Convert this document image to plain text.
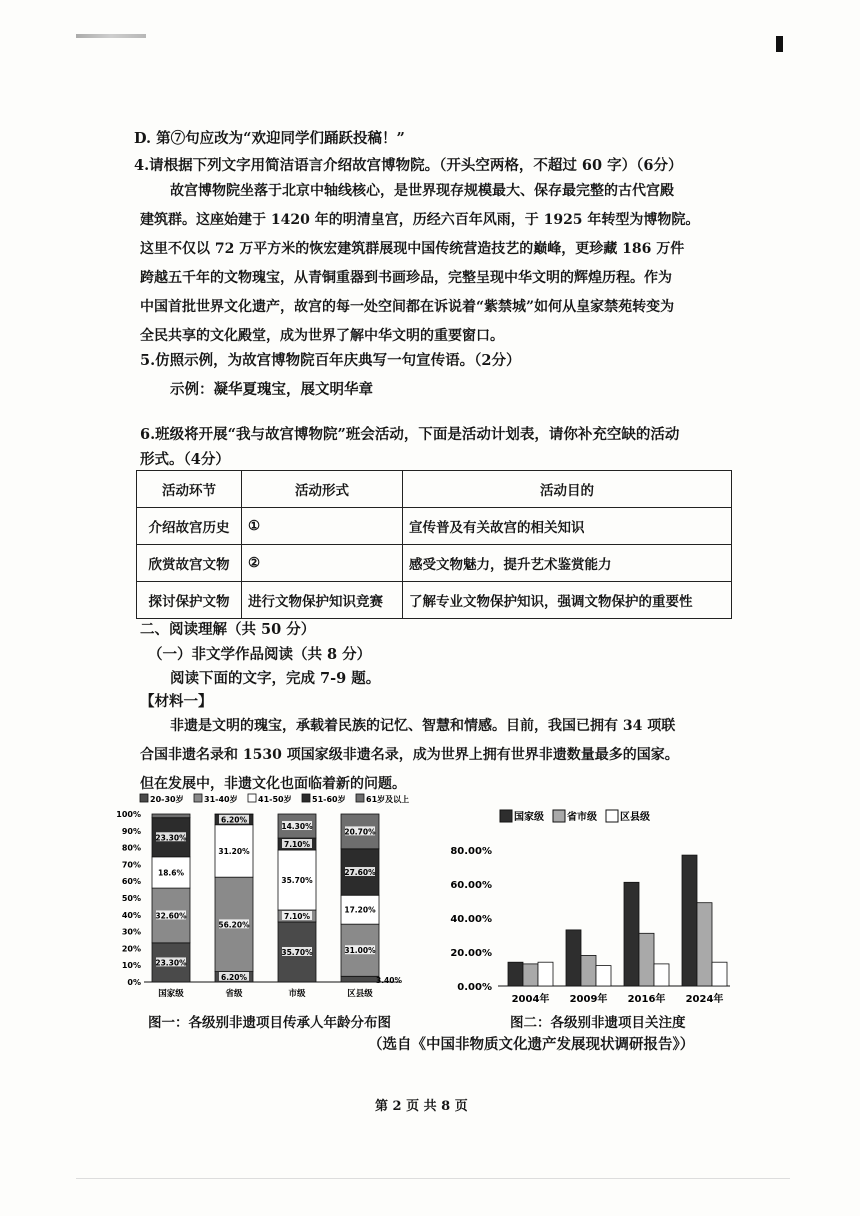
D. 第⑦句应改为“欢迎同学们踊跃投稿！”
4.请根据下列文字用简洁语言介绍故宫博物院。（开头空两格，不超过 60 字）（6分）

故宫博物院坐落于北京中轴线核心，是世界现存规模最大、保存最完整的古代宫殿

建筑群。这座始建于 1420 年的明清皇宫，历经六百年风雨，于 1925 年转型为博物院。

这里不仅以 72 万平方米的恢宏建筑群展现中国传统营造技艺的巅峰，更珍藏 186 万件

跨越五千年的文物瑰宝，从青铜重器到书画珍品，完整呈现中华文明的辉煌历程。作为

中国首批世界文化遗产，故宫的每一处空间都在诉说着“紫禁城”如何从皇家禁苑转变为

全民共享的文化殿堂，成为世界了解中华文明的重要窗口。

5.仿照示例，为故宫博物院百年庆典写一句宣传语。（2分）
示例：凝华夏瑰宝，展文明华章
6.班级将开展“我与故宫博物院”班会活动，下面是活动计划表，请你补充空缺的活动
形式。（4分）
活动环节	活动形式	活动目的
介绍故宫历史	①	宣传普及有关故宫的相关知识
欣赏故宫文物	②	感受文物魅力，提升艺术鉴赏能力
探讨保护文物	进行文物保护知识竞赛	了解专业文物保护知识，强调文物保护的重要性
二、阅读理解（共 50 分）
（一）非文学作品阅读（共 8 分）
阅读下面的文字，完成 7-9 题。
【材料一】

非遗是文明的瑰宝，承载着民族的记忆、智慧和情感。目前，我国已拥有 34 项联

合国非遗名录和 1530 项国家级非遗名录，成为世界上拥有世界非遗数量最多的国家。

但在发展中，非遗文化也面临着新的问题。

20-30岁	31-40岁	41-50岁	51-60岁	61岁及以上
0%
10%
20%
30%
40%
50%
60%
70%
80%
90%
100%
23.30%
32.60%
18.6%
23.30%
国家级
6.20%
56.20%
31.20%
6.20%
省级
35.70%
7.10%
35.70%
7.10%
14.30%
市级
3.40%
31.00%
17.20%
27.60%
20.70%
区县级
图一：各级别非遗项目传承人年龄分布图
国家级 省市级 区县级
0.00%
20.00%
40.00%
60.00%
80.00%
2004年 2009年 2016年 2024年
图二：各级别非遗项目关注度
（选自《中国非物质文化遗产发展现状调研报告》）
第 2 页 共 8 页
